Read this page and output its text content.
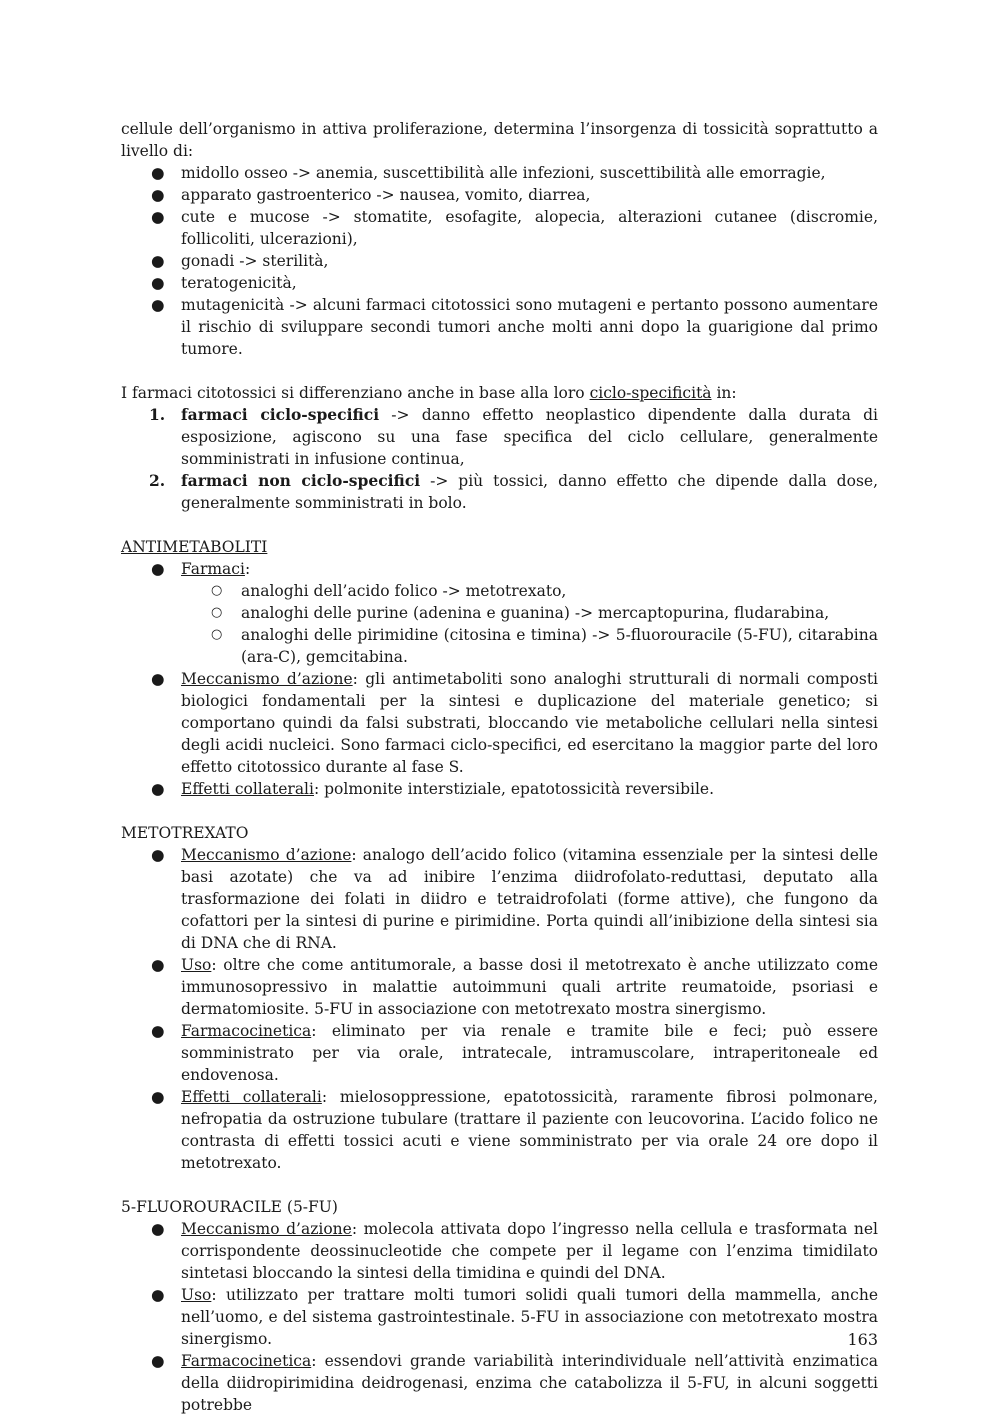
cellule dell’organismo in attiva proliferazione, determina l’insorgenza di tossicità soprattutto a livello di:

●	midollo osseo -> anemia, suscettibilità alle infezioni, suscettibilità alle emorragie,
●	apparato gastroenterico -> nausea, vomito, diarrea,
●	cute e mucose -> stomatite, esofagite, alopecia, alterazioni cutanee (discromie, follicoliti, ulcerazioni),
●	gonadi -> sterilità,
●	teratogenicità,
●	mutagenicità -> alcuni farmaci citotossici sono mutageni e pertanto possono aumentare il rischio di sviluppare secondi tumori anche molti anni dopo la guarigione dal primo tumore.

I farmaci citotossici si differenziano anche in base alla loro ciclo-specificità in:

1. farmaci ciclo-specifici -> danno effetto neoplastico dipendente dalla durata di esposizione, agiscono su una fase specifica del ciclo cellulare, generalmente somministrati in infusione continua,
2. farmaci non ciclo-specifici -> più tossici, danno effetto che dipende dalla dose, generalmente somministrati in bolo.

ANTIMETABOLITI

●	Farmaci:
○ analoghi dell’acido folico -> metotrexato,
○ analoghi delle purine (adenina e guanina) -> mercaptopurina, fludarabina,
○ analoghi delle pirimidine (citosina e timina) -> 5-fluorouracile (5-FU), citarabina (ara-C), gemcitabina.
●	Meccanismo d’azione: gli antimetaboliti sono analoghi strutturali di normali composti biologici fondamentali per la sintesi e duplicazione del materiale genetico; si comportano quindi da falsi substrati, bloccando vie metaboliche cellulari nella sintesi degli acidi nucleici. Sono farmaci ciclo-specifici, ed esercitano la maggior parte del loro effetto citotossico durante al fase S.
●	Effetti collaterali: polmonite interstiziale, epatotossicità reversibile.

METOTREXATO

●	Meccanismo d’azione: analogo dell’acido folico (vitamina essenziale per la sintesi delle basi azotate) che va ad inibire l’enzima diidrofolato-reduttasi, deputato alla trasformazione dei folati in diidro e tetraidrofolati (forme attive), che fungono da cofattori per la sintesi di purine e pirimidine. Porta quindi all’inibizione della sintesi sia di DNA che di RNA.
●	Uso: oltre che come antitumorale, a basse dosi il metotrexato è anche utilizzato come immunosopressivo in malattie autoimmuni quali artrite reumatoide, psoriasi e dermatomiosite. 5-FU in associazione con metotrexato mostra sinergismo.
●	Farmacocinetica: eliminato per via renale e tramite bile e feci; può essere somministrato per via orale, intratecale, intramuscolare, intraperitoneale ed endovenosa.
●	Effetti collaterali: mielosoppressione, epatotossicità, raramente fibrosi polmonare, nefropatia da ostruzione tubulare (trattare il paziente con leucovorina. L’acido folico ne contrasta di effetti tossici acuti e viene somministrato per via orale 24 ore dopo il metotrexato.

5-FLUOROURACILE (5-FU)

●	Meccanismo d’azione: molecola attivata dopo l’ingresso nella cellula e trasformata nel corrispondente deossinucleotide che compete per il legame con l’enzima timidilato sintetasi bloccando la sintesi della timidina e quindi del DNA.
●	Uso: utilizzato per trattare molti tumori solidi quali tumori della mammella, anche nell’uomo, e del sistema gastrointestinale. 5-FU in associazione con metotrexato mostra sinergismo.
●	Farmacocinetica: essendovi grande variabilità interindividuale nell’attività enzimatica della diidropirimidina deidrogenasi, enzima che catabolizza il 5-FU, in alcuni soggetti potrebbe
163
